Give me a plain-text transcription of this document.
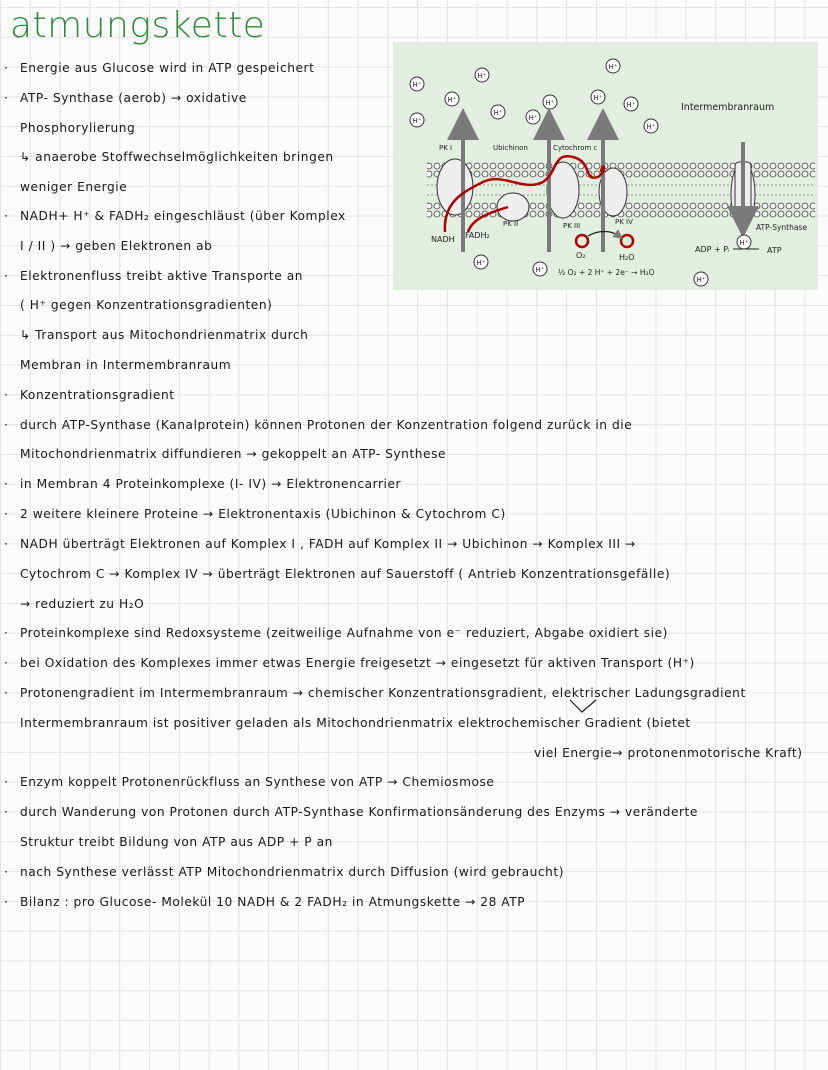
atmungskette
· Energie aus Glucose wird in ATP gespeichert
· ATP- Synthase (aerob) → oxidative
Phosphorylierung
↳ anaerobe Stoffwechselmöglichkeiten bringen
weniger Energie
· NADH+ H⁺ & FADH₂ eingeschläust (über Komplex
I / II ) → geben Elektronen ab
· Elektronenfluss treibt aktive Transporte an
( H⁺ gegen Konzentrationsgradienten)
↳ Transport aus Mitochondrienmatrix durch
Membran in Intermembranraum
· Konzentrationsgradient
· durch ATP-Synthase (Kanalprotein) können Protonen der Konzentration folgend zurück in die
Mitochondrienmatrix diffundieren → gekoppelt an ATP- Synthese
· in Membran 4 Proteinkomplexe (I- IV) → Elektronencarrier
· 2 weitere kleinere Proteine → Elektronentaxis (Ubichinon & Cytochrom C)
· NADH überträgt Elektronen auf Komplex I , FADH auf Komplex II → Ubichinon → Komplex III →
Cytochrom C → Komplex IV → überträgt Elektronen auf Sauerstoff ( Antrieb Konzentrationsgefälle)
→ reduziert zu H₂O
· Proteinkomplexe sind Redoxsysteme (zeitweilige Aufnahme von e⁻ reduziert, Abgabe oxidiert sie)
· bei Oxidation des Komplexes immer etwas Energie freigesetzt → eingesetzt für aktiven Transport (H⁺)
· Protonengradient im Intermembranraum → chemischer Konzentrationsgradient, elektrischer Ladungsgradient
Intermembranraum ist positiver geladen als Mitochondrienmatrix elektrochemischer Gradient (bietet
viel Energie→ protonenmotorische Kraft)
· Enzym koppelt Protonenrückfluss an Synthese von ATP → Chemiosmose
· durch Wanderung von Protonen durch ATP-Synthase Konfirmationsänderung des Enzyms → veränderte
Struktur treibt Bildung von ATP aus ADP + P an
· nach Synthese verlässt ATP Mitochondrienmatrix durch Diffusion (wird gebraucht)
· Bilanz : pro Glucose- Molekül 10 NADH & 2 FADH₂ in Atmungskette → 28 ATP
H⁺
H⁺
H⁺
H⁺
H⁺
H⁺
H⁺
H⁺
H⁺
H⁺
H⁺
H⁺
H⁺
H⁺
H⁺
Intermembranraum
PK I	Ubichinon	Cytochrom c
PK II	PK III	PK IV
NADH FADH₂
O₂	H₂O
½ O₂ + 2 H⁺ + 2e⁻ → H₂O
ATP-Synthase
ADP + Pᵢ	ATP
